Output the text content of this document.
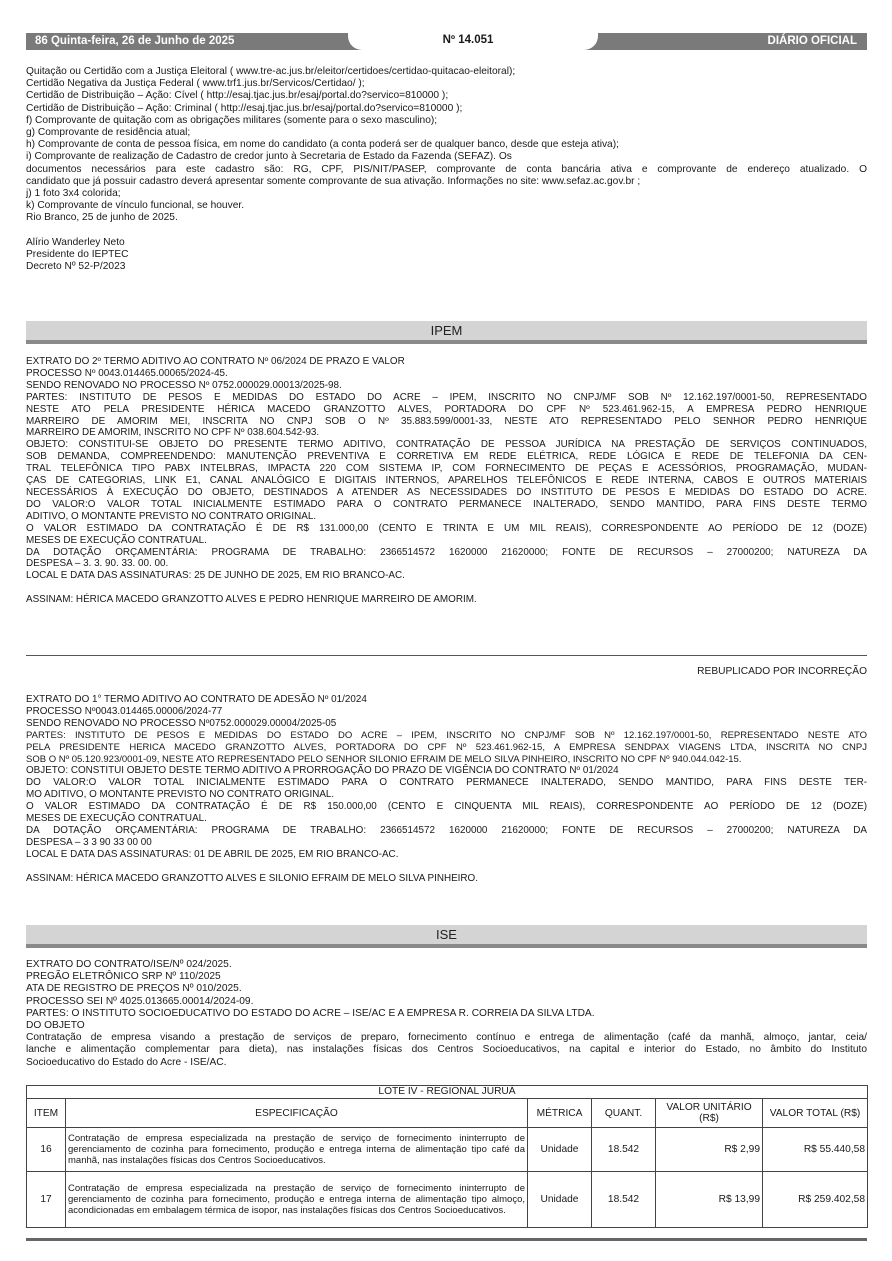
86 Quinta-feira, 26 de Junho de 2025	Nº 14.051	DIÁRIO OFICIAL
Quitação ou Certidão com a Justiça Eleitoral ( www.tre-ac.jus.br/eleitor/certidoes/certidao-quitacao-eleitoral);
Certidão Negativa da Justiça Federal ( www.trf1.jus.br/Servicos/Certidao/ );
Certidão de Distribuição – Ação: Cível ( http://esaj.tjac.jus.br/esaj/portal.do?servico=810000 );
Certidão de Distribuição – Ação: Criminal ( http://esaj.tjac.jus.br/esaj/portal.do?servico=810000 );
f) Comprovante de quitação com as obrigações militares (somente para o sexo masculino);
g) Comprovante de residência atual;
h) Comprovante de conta de pessoa física, em nome do candidato (a conta poderá ser de qualquer banco, desde que esteja ativa);
i) Comprovante de realização de Cadastro de credor junto à Secretaria de Estado da Fazenda (SEFAZ). Os
documentos necessários para este cadastro são: RG, CPF, PIS/NIT/PASEP, comprovante de conta bancária ativa e comprovante de endereço atualizado. O
candidato que já possuir cadastro deverá apresentar somente comprovante de sua ativação. Informações no site: www.sefaz.ac.gov.br ;
j) 1 foto 3x4 colorida;
k) Comprovante de vínculo funcional, se houver.
Rio Branco, 25 de junho de 2025.
Alírio Wanderley Neto
Presidente do IEPTEC
Decreto Nº 52-P/2023
IPEM
EXTRATO DO 2º TERMO ADITIVO AO CONTRATO Nº 06/2024 DE PRAZO E VALOR
PROCESSO Nº 0043.014465.00065/2024-45.
SENDO RENOVADO NO PROCESSO Nº 0752.000029.00013/2025-98.
PARTES: INSTITUTO DE PESOS E MEDIDAS DO ESTADO DO ACRE – IPEM, INSCRITO NO CNPJ/MF SOB Nº 12.162.197/0001-50, REPRESENTADO
NESTE ATO PELA PRESIDENTE HÉRICA MACEDO GRANZOTTO ALVES, PORTADORA DO CPF Nº 523.461.962-15, A EMPRESA PEDRO HENRIQUE
MARREIRO DE AMORIM MEI, INSCRITA NO CNPJ SOB O Nº 35.883.599/0001-33, NESTE ATO REPRESENTADO PELO SENHOR PEDRO HENRIQUE
MARREIRO DE AMORIM, INSCRITO NO CPF Nº 038.604.542-93.
OBJETO: CONSTITUI-SE OBJETO DO PRESENTE TERMO ADITIVO, CONTRATAÇÃO DE PESSOA JURÍDICA NA PRESTAÇÃO DE SERVIÇOS CONTINUADOS,
SOB DEMANDA, COMPREENDENDO: MANUTENÇÃO PREVENTIVA E CORRETIVA EM REDE ELÉTRICA, REDE LÓGICA E REDE DE TELEFONIA DA CEN-
TRAL TELEFÔNICA TIPO PABX INTELBRAS, IMPACTA 220 COM SISTEMA IP, COM FORNECIMENTO DE PEÇAS E ACESSÓRIOS, PROGRAMAÇÃO, MUDAN-
ÇAS DE CATEGORIAS, LINK E1, CANAL ANALÓGICO E DIGITAIS INTERNOS, APARELHOS TELEFÔNICOS E REDE INTERNA, CABOS E OUTROS MATERIAIS
NECESSÁRIOS À EXECUÇÃO DO OBJETO, DESTINADOS A ATENDER AS NECESSIDADES DO INSTITUTO DE PESOS E MEDIDAS DO ESTADO DO ACRE.
DO VALOR:O VALOR TOTAL INICIALMENTE ESTIMADO PARA O CONTRATO PERMANECE INALTERADO, SENDO MANTIDO, PARA FINS DESTE TERMO
ADITIVO, O MONTANTE PREVISTO NO CONTRATO ORIGINAL.
O VALOR ESTIMADO DA CONTRATAÇÃO É DE R$ 131.000,00 (CENTO E TRINTA E UM MIL REAIS), CORRESPONDENTE AO PERÍODO DE 12 (DOZE)
MESES DE EXECUÇÃO CONTRATUAL.
DA DOTAÇÃO ORÇAMENTÁRIA: PROGRAMA DE TRABALHO: 2366514572 1620000 21620000; FONTE DE RECURSOS – 27000200; NATUREZA DA
DESPESA – 3. 3. 90. 33. 00. 00.
LOCAL E DATA DAS ASSINATURAS: 25 DE JUNHO DE 2025, EM RIO BRANCO-AC.
ASSINAM: HÉRICA MACEDO GRANZOTTO ALVES E PEDRO HENRIQUE MARREIRO DE AMORIM.
REBUPLICADO POR INCORREÇÃO
EXTRATO DO 1° TERMO ADITIVO AO CONTRATO DE ADESÃO Nº 01/2024
PROCESSO Nº0043.014465.00006/2024-77
SENDO RENOVADO NO PROCESSO Nº0752.000029.00004/2025-05
PARTES: INSTITUTO DE PESOS E MEDIDAS DO ESTADO DO ACRE – IPEM, INSCRITO NO CNPJ/MF SOB Nº 12.162.197/0001-50, REPRESENTADO NESTE ATO
PELA PRESIDENTE HERICA MACEDO GRANZOTTO ALVES, PORTADORA DO CPF Nº 523.461.962-15, A EMPRESA SENDPAX VIAGENS LTDA, INSCRITA NO CNPJ
SOB O Nº 05.120.923/0001-09, NESTE ATO REPRESENTADO PELO SENHOR SILONIO EFRAIM DE MELO SILVA PINHEIRO, INSCRITO NO CPF Nº 940.044.042-15.
OBJETO: CONSTITUI OBJETO DESTE TERMO ADITIVO A PRORROGAÇÃO DO PRAZO DE VIGÊNCIA DO CONTRATO Nº 01/2024
DO VALOR:O VALOR TOTAL INICIALMENTE ESTIMADO PARA O CONTRATO PERMANECE INALTERADO, SENDO MANTIDO, PARA FINS DESTE TER-
MO ADITIVO, O MONTANTE PREVISTO NO CONTRATO ORIGINAL.
O VALOR ESTIMADO DA CONTRATAÇÃO É DE R$ 150.000,00 (CENTO E CINQUENTA MIL REAIS), CORRESPONDENTE AO PERÍODO DE 12 (DOZE)
MESES DE EXECUÇÃO CONTRATUAL.
DA DOTAÇÃO ORÇAMENTÁRIA: PROGRAMA DE TRABALHO: 2366514572 1620000 21620000; FONTE DE RECURSOS – 27000200; NATUREZA DA
DESPESA – 3 3 90 33 00 00
LOCAL E DATA DAS ASSINATURAS: 01 DE ABRIL DE 2025, EM RIO BRANCO-AC.
ASSINAM: HÉRICA MACEDO GRANZOTTO ALVES E SILONIO EFRAIM DE MELO SILVA PINHEIRO.
ISE
EXTRATO DO CONTRATO/ISE/Nº 024/2025.
PREGÃO ELETRÔNICO SRP Nº 110/2025
ATA DE REGISTRO DE PREÇOS Nº 010/2025.
PROCESSO SEI Nº 4025.013665.00014/2024-09.
PARTES: O INSTITUTO SOCIOEDUCATIVO DO ESTADO DO ACRE – ISE/AC E A EMPRESA R. CORREIA DA SILVA LTDA.
DO OBJETO
Contratação de empresa visando a prestação de serviços de preparo, fornecimento contínuo e entrega de alimentação (café da manhã, almoço, jantar, ceia/
lanche e alimentação complementar para dieta), nas instalações físicas dos Centros Socioeducativos, na capital e interior do Estado, no âmbito do Instituto
Socioeducativo do Estado do Acre - ISE/AC.
LOTE IV - REGIONAL JURUÁ					
ITEM	ESPECIFICAÇÃO	MÉTRICA	QUANT.	VALOR UNITÁRIO (R$)	VALOR TOTAL (R$)
16	Contratação de empresa especializada na prestação de serviço de fornecimento ininterrupto de gerenciamento de cozinha para fornecimento, produção e entrega interna de alimentação tipo café da manhã, nas instalações físicas dos Centros Socioeducativos.	Unidade	18.542	R$ 2,99	R$ 55.440,58
17	Contratação de empresa especializada na prestação de serviço de fornecimento ininterrupto de gerenciamento de cozinha para fornecimento, produção e entrega interna de alimentação tipo almoço, acondicionadas em embalagem térmica de isopor, nas instalações físicas dos Centros Socioeducativos.	Unidade	18.542	R$ 13,99	R$ 259.402,58
